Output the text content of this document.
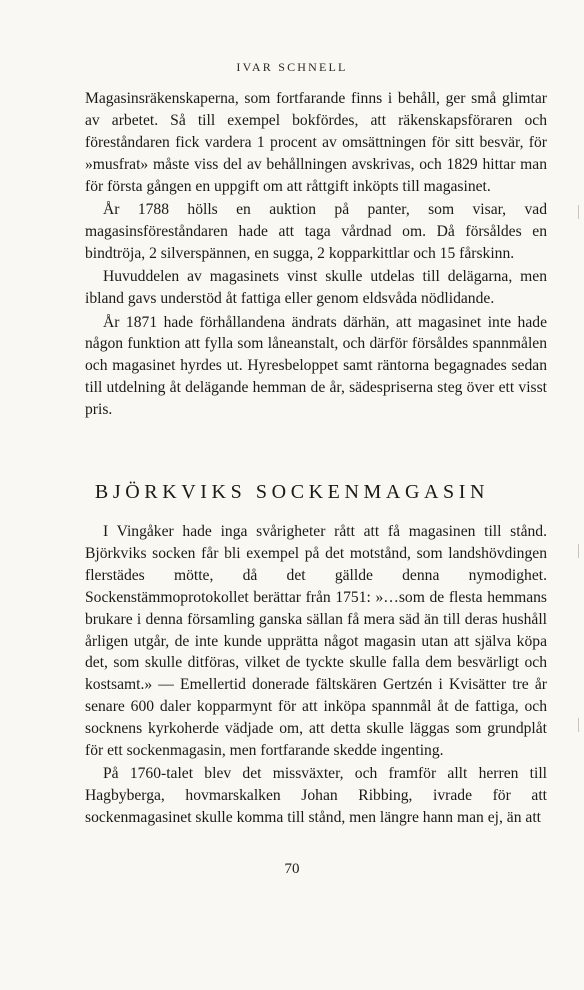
IVAR SCHNELL

Magasinsräkenskaperna, som fortfarande finns i behåll, ger små glimtar av arbetet. Så till exempel bokfördes, att räkenskapsföraren och föreståndaren fick vardera 1 procent av omsättningen för sitt besvär, för »musfrat» måste viss del av behållningen avskrivas, och 1829 hittar man för första gången en uppgift om att råttgift inköpts till magasinet.

År 1788 hölls en auktion på panter, som visar, vad magasinsföreståndaren hade att taga vårdnad om. Då försåldes en bindtröja, 2 silverspännen, en sugga, 2 kopparkittlar och 15 fårskinn.

Huvuddelen av magasinets vinst skulle utdelas till delägarna, men ibland gavs understöd åt fattiga eller genom eldsvåda nödlidande.

År 1871 hade förhållandena ändrats därhän, att magasinet inte hade någon funktion att fylla som låneanstalt, och därför försåldes spannmålen och magasinet hyrdes ut. Hyresbeloppet samt räntorna begagnades sedan till utdelning åt delägande hemman de år, sädespriserna steg över ett visst pris.

BJÖRKVIKS SOCKENMAGASIN

I Vingåker hade inga svårigheter rått att få magasinen till stånd. Björkviks socken får bli exempel på det motstånd, som landshövdingen flerstädes mötte, då det gällde denna nymodighet. Sockenstämmoprotokollet berättar från 1751: »…som de flesta hemmans brukare i denna församling ganska sällan få mera säd än till deras hushåll årligen utgår, de inte kunde upprätta något magasin utan att själva köpa det, som skulle ditföras, vilket de tyckte skulle falla dem besvärligt och kostsamt.» — Emellertid donerade fältskären Gertzén i Kvisätter tre år senare 600 daler kopparmynt för att inköpa spannmål åt de fattiga, och socknens kyrkoherde vädjade om, att detta skulle läggas som grundplåt för ett sockenmagasin, men fortfarande skedde ingenting.

På 1760-talet blev det missväxter, och framför allt herren till Hagbyberga, hovmarskalken Johan Ribbing, ivrade för att sockenmagasinet skulle komma till stånd, men längre hann man ej, än att

70
